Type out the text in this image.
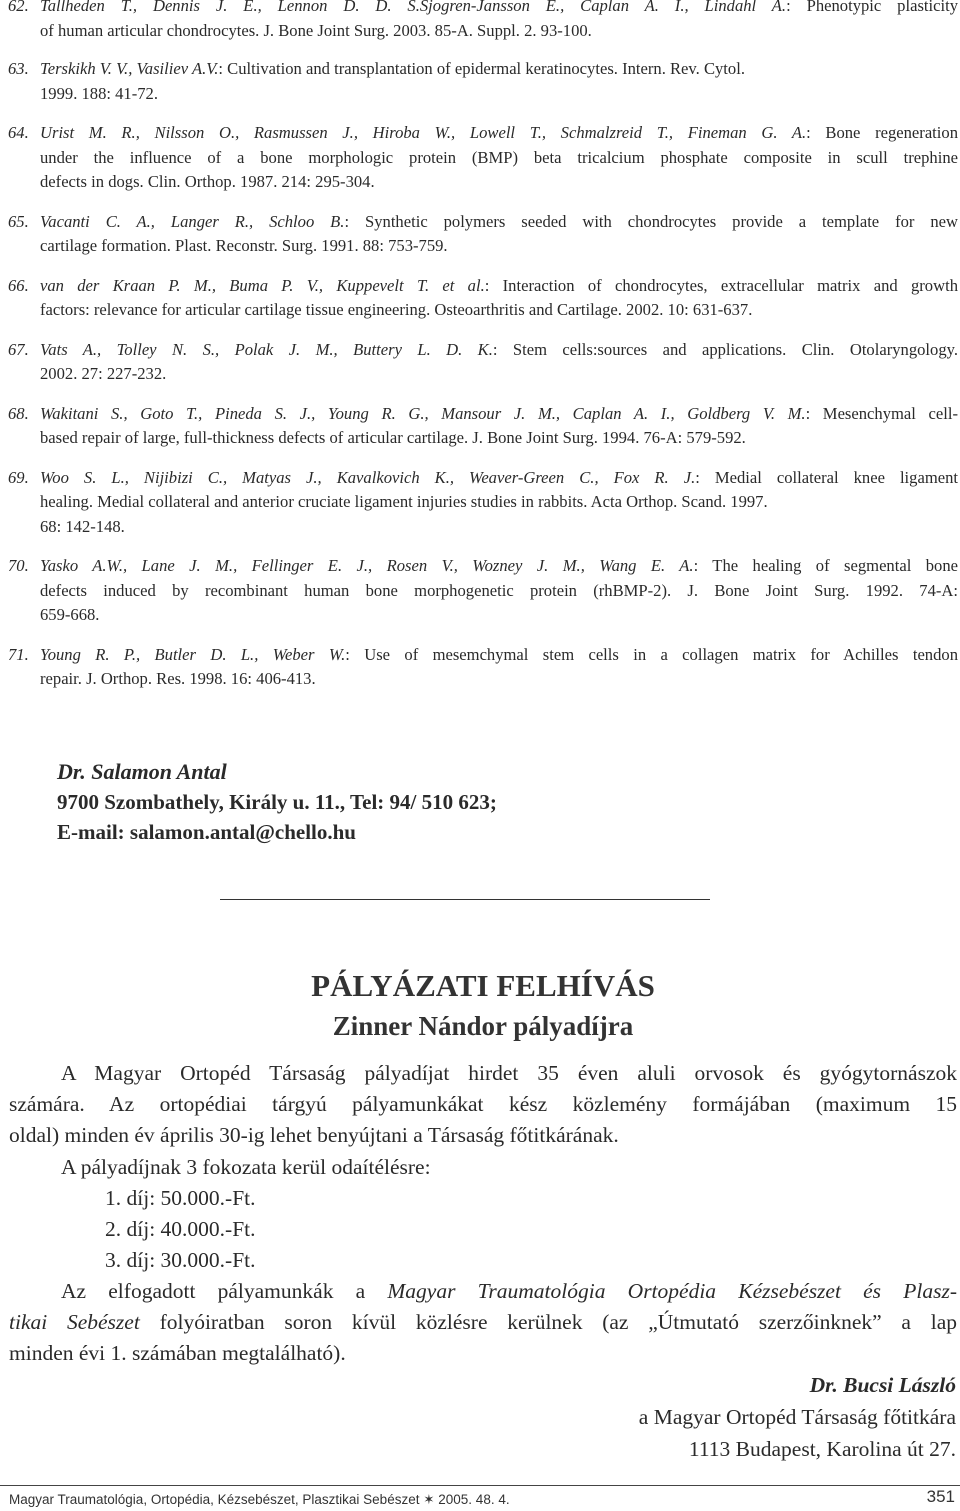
62. Tallheden T., Dennis J. E., Lennon D. D. S.Sjogren-Jansson E., Caplan A. I., Lindahl A.: Phenotypic plasticity
of human articular chondrocytes. J. Bone Joint Surg. 2003. 85-A. Suppl. 2. 93-100.
63. Terskikh V. V., Vasiliev A.V.: Cultivation and transplantation of epidermal keratinocytes. Intern. Rev. Cytol.
1999. 188: 41-72.
64. Urist M. R., Nilsson O., Rasmussen J., Hiroba W., Lowell T., Schmalzreid T., Fineman G. A.: Bone regeneration
under the influence of a bone morphologic protein (BMP) beta tricalcium phosphate composite in scull trephine
defects in dogs. Clin. Orthop. 1987. 214: 295-304.
65. Vacanti C. A., Langer R., Schloo B.: Synthetic polymers seeded with chondrocytes provide a template for new
cartilage formation. Plast. Reconstr. Surg. 1991. 88: 753-759.
66. van der Kraan P. M., Buma P. V., Kuppevelt T. et al.: Interaction of chondrocytes, extracellular matrix and growth
factors: relevance for articular cartilage tissue engineering. Osteoarthritis and Cartilage. 2002. 10: 631-637.
67. Vats A., Tolley N. S., Polak J. M., Buttery L. D. K.: Stem cells:sources and applications. Clin. Otolaryngology.
2002. 27: 227-232.
68. Wakitani S., Goto T., Pineda S. J., Young R. G., Mansour J. M., Caplan A. I., Goldberg V. M.: Mesenchymal cell-
based repair of large, full-thickness defects of articular cartilage. J. Bone Joint Surg. 1994. 76-A: 579-592.
69. Woo S. L., Nijibizi C., Matyas J., Kavalkovich K., Weaver-Green C., Fox R. J.: Medial collateral knee ligament
healing. Medial collateral and anterior cruciate ligament injuries studies in rabbits. Acta Orthop. Scand. 1997.
68: 142-148.
70. Yasko A.W., Lane J. M., Fellinger E. J., Rosen V., Wozney J. M., Wang E. A.: The healing of segmental bone
defects induced by recombinant human bone morphogenetic protein (rhBMP-2). J. Bone Joint Surg. 1992. 74-A:
659-668.
71. Young R. P., Butler D. L., Weber W.: Use of mesemchymal stem cells in a collagen matrix for Achilles tendon
repair. J. Orthop. Res. 1998. 16: 406-413.
Dr. Salamon Antal
9700 Szombathely, Király u. 11., Tel: 94/ 510 623;
E-mail: salamon.antal@chello.hu
PÁLYÁZATI FELHÍVÁS
Zinner Nándor pályadíjra
A Magyar Ortopéd Társaság pályadíjat hirdet 35 éven aluli orvosok és gyógytornászok
számára. Az ortopédiai tárgyú pályamunkákat kész közlemény formájában (maximum 15
oldal) minden év április 30-ig lehet benyújtani a Társaság főtitkárának.
A pályadíjnak 3 fokozata kerül odaítélésre:
1. díj: 50.000.-Ft.
2. díj: 40.000.-Ft.
3. díj: 30.000.-Ft.
Az elfogadott pályamunkák a Magyar Traumatológia Ortopédia Kézsebészet és Plasz-
tikai Sebészet folyóiratban soron kívül közlésre kerülnek (az „Útmutató szerzőinknek” a lap
minden évi 1. számában megtalálható).
Dr. Bucsi László
a Magyar Ortopéd Társaság főtitkára
1113 Budapest, Karolina út 27.
Magyar Traumatológia, Ortopédia, Kézsebészet, Plasztikai Sebészet ✶ 2005. 48. 4.	351
